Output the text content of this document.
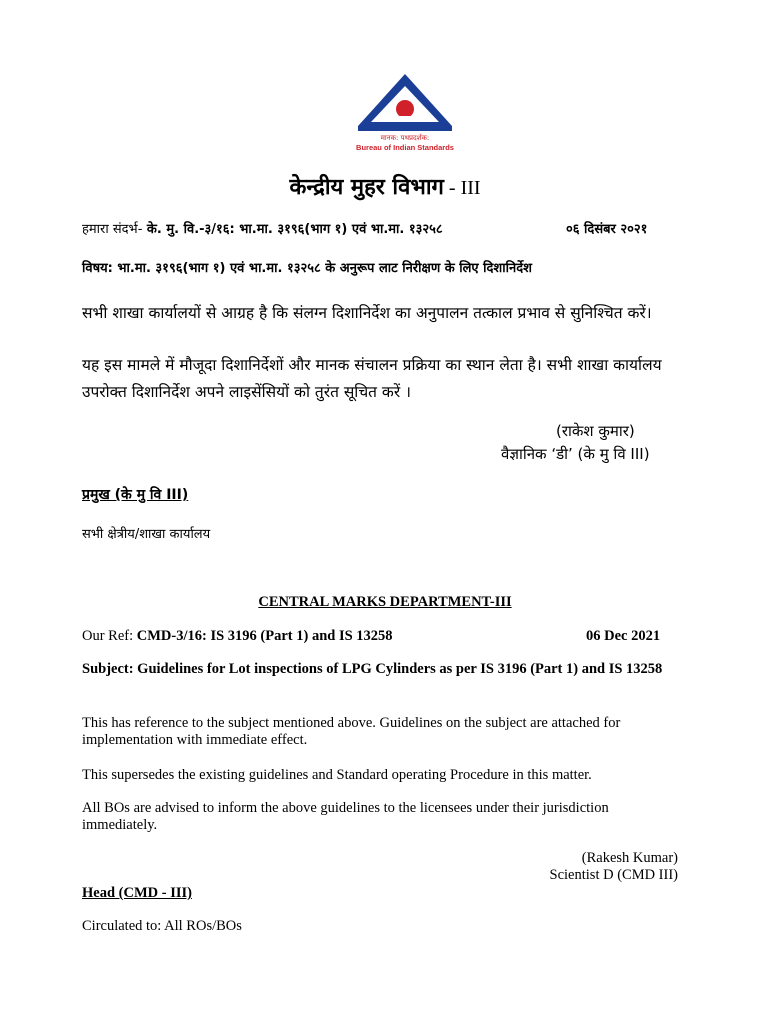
मानक: पथप्रदर्शक:
Bureau of Indian Standards
केन्द्रीय मुहर विभाग - III
हमारा संदर्भ- के. मु. वि.-३/१६: भा.मा. ३१९६(भाग १) एवं भा.मा. १३२५८	०६ दिसंबर २०२१
विषय: भा.मा. ३१९६(भाग १) एवं भा.मा. १३२५८ के अनुरूप लाट निरीक्षण के लिए दिशानिर्देश

सभी शाखा कार्यालयों से आग्रह है कि संलग्न दिशानिर्देश का अनुपालन तत्काल प्रभाव से सुनिश्चित करें।

यह इस मामले में मौजूदा दिशानिर्देशों और मानक संचालन प्रक्रिया का स्थान लेता है। सभी शाखा कार्यालय उपरोक्त दिशानिर्देश अपने लाइसेंसियों को तुरंत सूचित करें ।

(राकेश कुमार)
वैज्ञानिक ‘डी’ (के मु वि III)
प्रमुख (के मु वि III)
सभी क्षेत्रीय/शाखा कार्यालय
CENTRAL MARKS DEPARTMENT-III
Our Ref: CMD-3/16: IS 3196 (Part 1) and IS 13258	06 Dec 2021
Subject: Guidelines for Lot inspections of LPG Cylinders as per IS 3196 (Part 1) and IS 13258

This has reference to the subject mentioned above. Guidelines on the subject are attached for implementation with immediate effect.

This supersedes the existing guidelines and Standard operating Procedure in this matter.

All BOs are advised to inform the above guidelines to the licensees under their jurisdiction immediately.

(Rakesh Kumar)
Scientist D (CMD III)
Head (CMD - III)
Circulated to: All ROs/BOs
